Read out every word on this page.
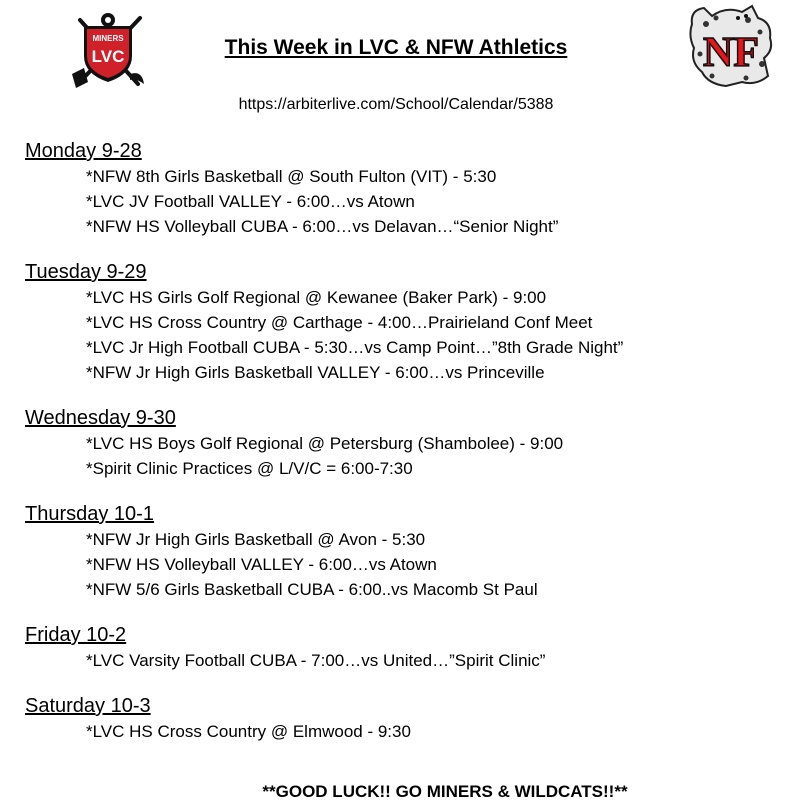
MINERS
LVC	NF
This Week in LVC & NFW Athletics
https://arbiterlive.com/School/Calendar/5388
Monday 9-28
*NFW 8th Girls Basketball @ South Fulton (VIT) - 5:30
*LVC JV Football VALLEY - 6:00…vs Atown
*NFW HS Volleyball CUBA - 6:00…vs Delavan…“Senior Night”
Tuesday 9-29
*LVC HS Girls Golf Regional @ Kewanee (Baker Park) - 9:00
*LVC HS Cross Country @ Carthage - 4:00…Prairieland Conf Meet
*LVC Jr High Football CUBA - 5:30…vs Camp Point…”8th Grade Night”
*NFW Jr High Girls Basketball VALLEY - 6:00…vs Princeville
Wednesday 9-30
*LVC HS Boys Golf Regional @ Petersburg (Shambolee) - 9:00
*Spirit Clinic Practices @ L/V/C = 6:00-7:30
Thursday 10-1
*NFW Jr High Girls Basketball @ Avon - 5:30
*NFW HS Volleyball VALLEY - 6:00…vs Atown
*NFW 5/6 Girls Basketball CUBA - 6:00..vs Macomb St Paul
Friday 10-2
*LVC Varsity Football CUBA - 7:00…vs United…”Spirit Clinic”
Saturday 10-3
*LVC HS Cross Country @ Elmwood - 9:30
**GOOD LUCK!! GO MINERS & WILDCATS!!**
